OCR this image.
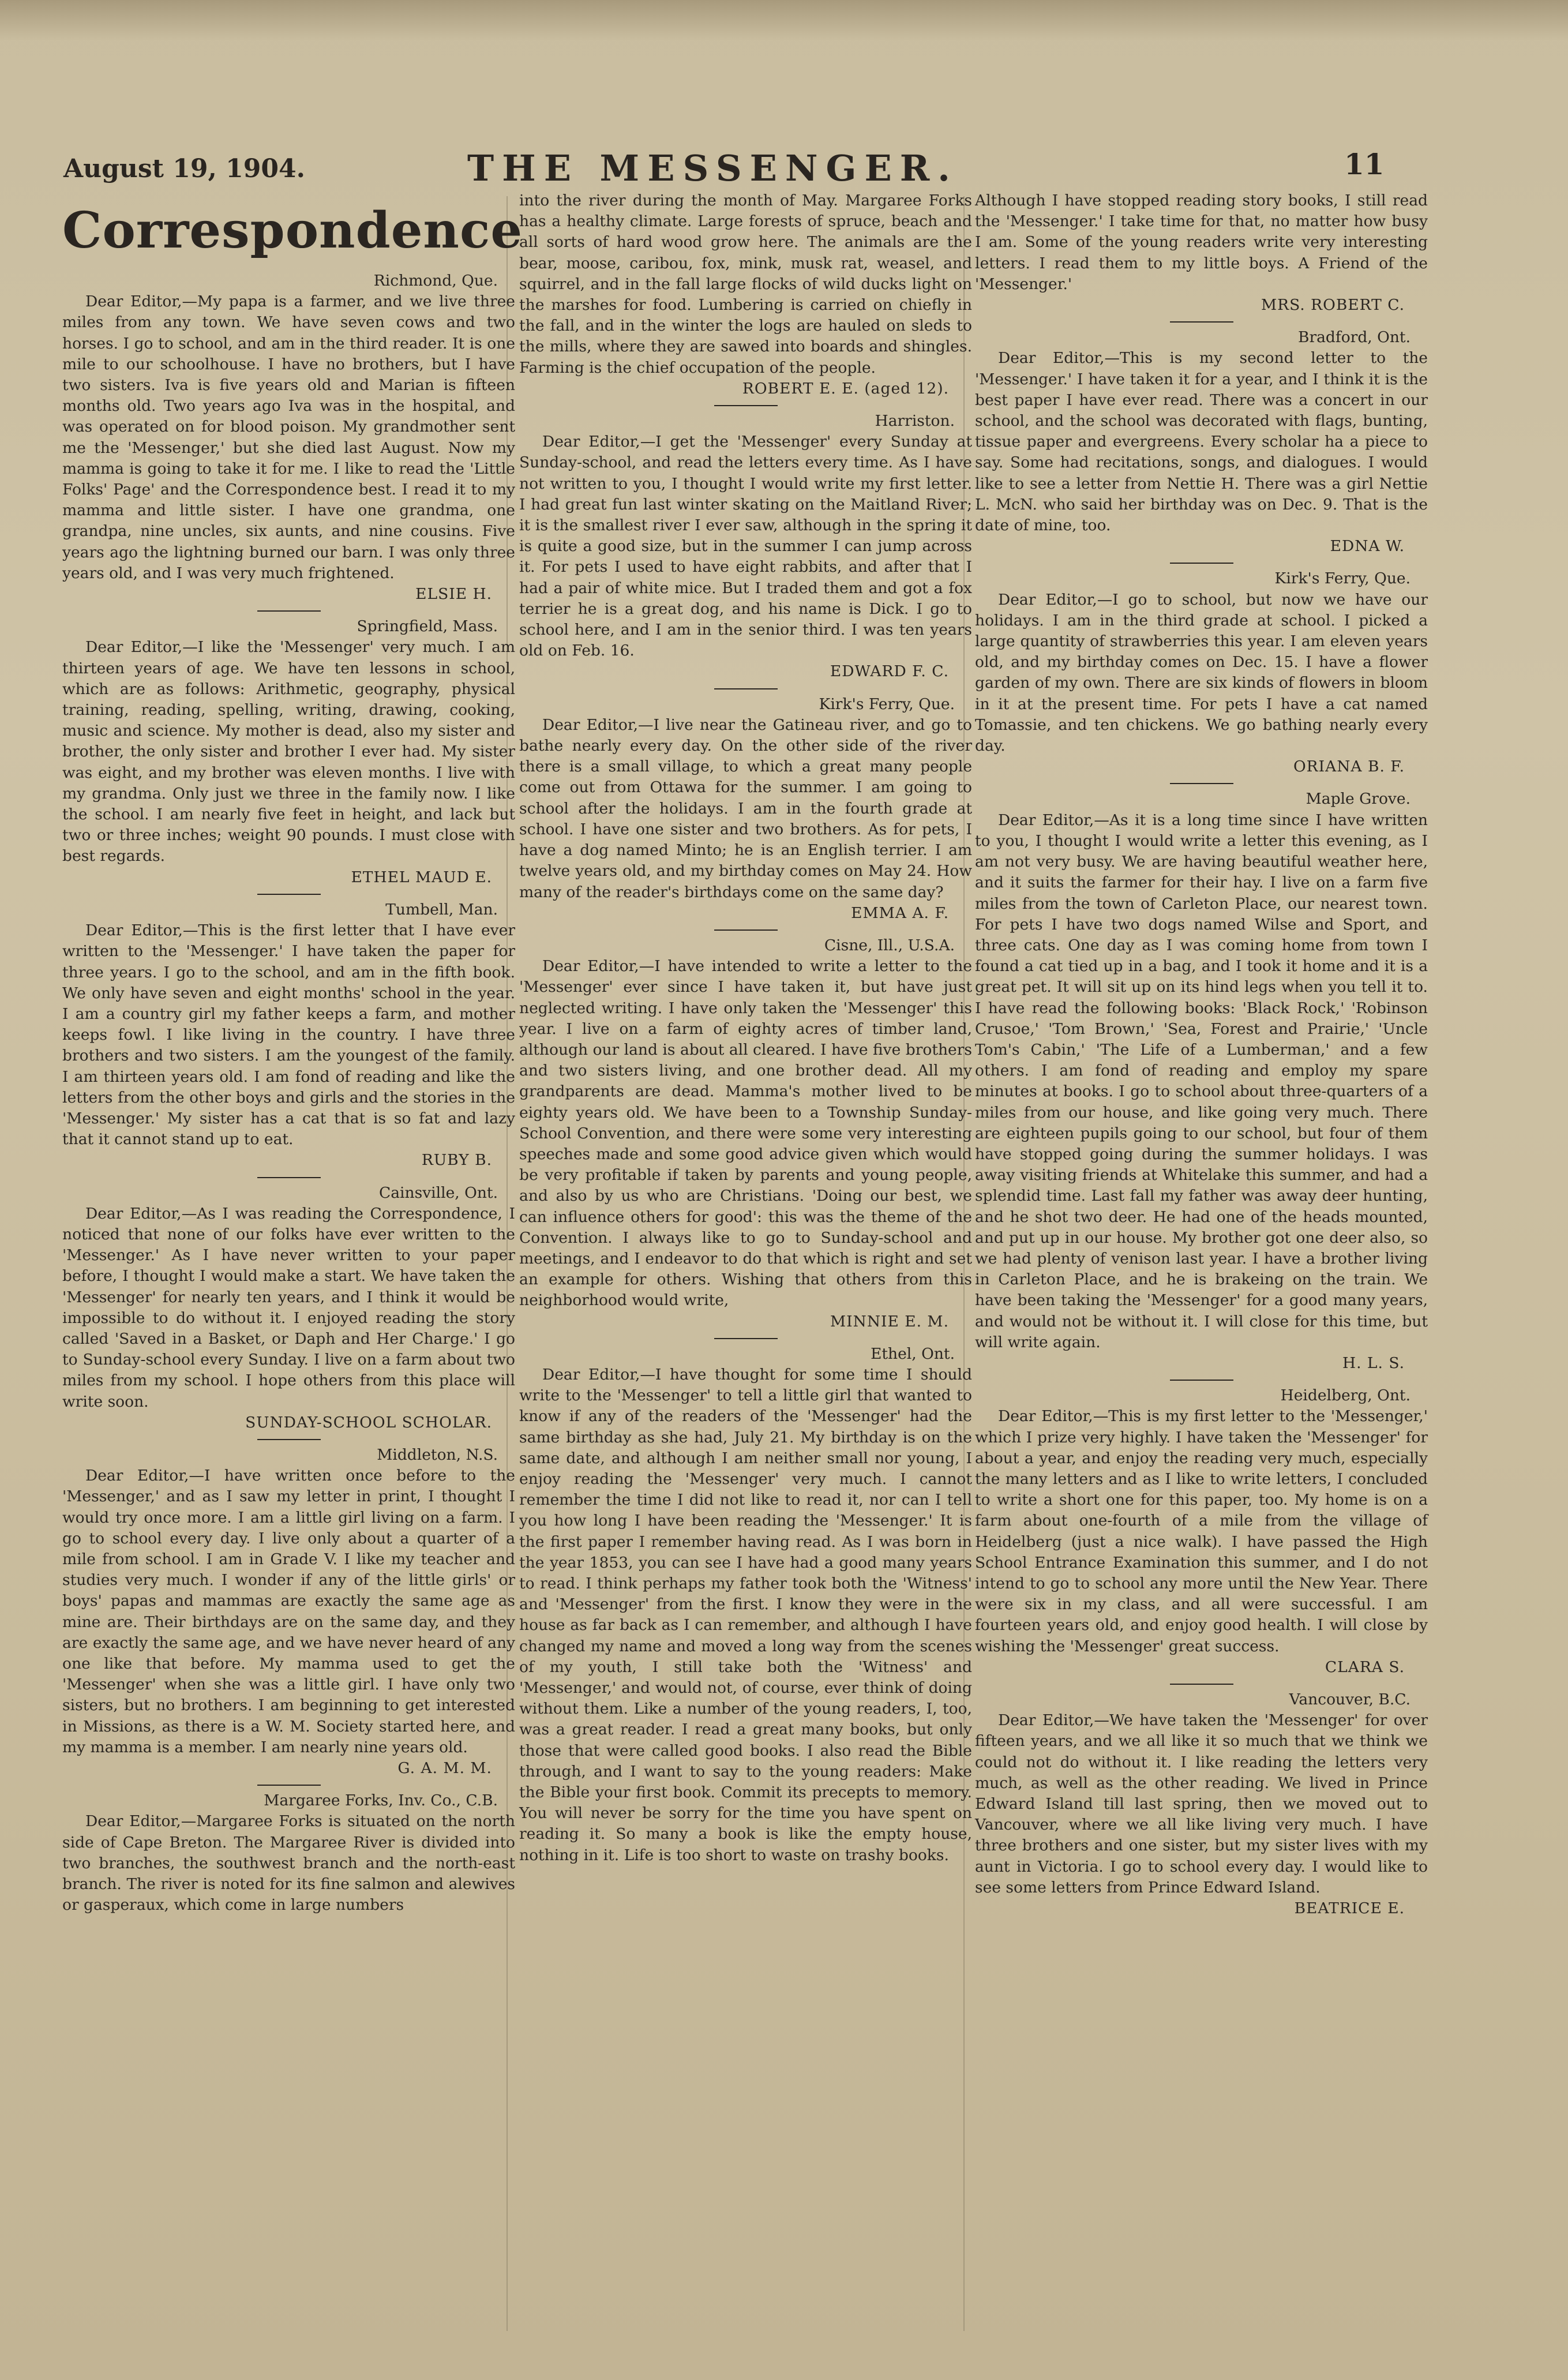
August 19, 1904.	THE MESSENGER.	11
Correspondence
Richmond, Que.

Dear Editor,—My papa is a farmer, and we live three miles from any town. We have seven cows and two horses. I go to school, and am in the third reader. It is one mile to our schoolhouse. I have no brothers, but I have two sisters. Iva is five years old and Marian is fifteen months old. Two years ago Iva was in the hospital, and was operated on for blood poison. My grandmother sent me the 'Messenger,' but she died last August. Now my mamma is going to take it for me. I like to read the 'Little Folks' Page' and the Correspondence best. I read it to my mamma and little sister. I have one grandma, one grandpa, nine uncles, six aunts, and nine cousins. Five years ago the lightning burned our barn. I was only three years old, and I was very much frightened.

ELSIE H.
Springfield, Mass.

Dear Editor,—I like the 'Messenger' very much. I am thirteen years of age. We have ten lessons in school, which are as follows: Arithmetic, geography, physical training, reading, spelling, writing, drawing, cooking, music and science. My mother is dead, also my sister and brother, the only sister and brother I ever had. My sister was eight, and my brother was eleven months. I live with my grandma. Only just we three in the family now. I like the school. I am nearly five feet in height, and lack but two or three inches; weight 90 pounds. I must close with best regards.

ETHEL MAUD E.
Tumbell, Man.

Dear Editor,—This is the first letter that I have ever written to the 'Messenger.' I have taken the paper for three years. I go to the school, and am in the fifth book. We only have seven and eight months' school in the year. I am a country girl my father keeps a farm, and mother keeps fowl. I like living in the country. I have three brothers and two sisters. I am the youngest of the family. I am thirteen years old. I am fond of reading and like the letters from the other boys and girls and the stories in the 'Messenger.' My sister has a cat that is so fat and lazy that it cannot stand up to eat.

RUBY B.
Cainsville, Ont.

Dear Editor,—As I was reading the Correspondence, I noticed that none of our folks have ever written to the 'Messenger.' As I have never written to your paper before, I thought I would make a start. We have taken the 'Messenger' for nearly ten years, and I think it would be impossible to do without it. I enjoyed reading the story called 'Saved in a Basket, or Daph and Her Charge.' I go to Sunday-school every Sunday. I live on a farm about two miles from my school. I hope others from this place will write soon.

SUNDAY-SCHOOL SCHOLAR.
Middleton, N.S.

Dear Editor,—I have written once before to the 'Messenger,' and as I saw my letter in print, I thought I would try once more. I am a little girl living on a farm. I go to school every day. I live only about a quarter of a mile from school. I am in Grade V. I like my teacher and studies very much. I wonder if any of the little girls' or boys' papas and mammas are exactly the same age as mine are. Their birthdays are on the same day, and they are exactly the same age, and we have never heard of any one like that before. My mamma used to get the 'Messenger' when she was a little girl. I have only two sisters, but no brothers. I am beginning to get interested in Missions, as there is a W. M. Society started here, and my mamma is a member. I am nearly nine years old.

G. A. M. M.
Margaree Forks, Inv. Co., C.B.

Dear Editor,—Margaree Forks is situated on the north side of Cape Breton. The Margaree River is divided into two branches, the southwest branch and the north-east branch. The river is noted for its fine salmon and alewives or gasperaux, which come in large numbers

into the river during the month of May. Margaree Forks has a healthy climate. Large forests of spruce, beach and all sorts of hard wood grow here. The animals are the bear, moose, caribou, fox, mink, musk rat, weasel, and squirrel, and in the fall large flocks of wild ducks light on the marshes for food. Lumbering is carried on chiefly in the fall, and in the winter the logs are hauled on sleds to the mills, where they are sawed into boards and shingles. Farming is the chief occupation of the people.

ROBERT E. E. (aged 12).
Harriston.

Dear Editor,—I get the 'Messenger' every Sunday at Sunday-school, and read the letters every time. As I have not written to you, I thought I would write my first letter. I had great fun last winter skating on the Maitland River; it is the smallest river I ever saw, although in the spring it is quite a good size, but in the summer I can jump across it. For pets I used to have eight rabbits, and after that I had a pair of white mice. But I traded them and got a fox terrier he is a great dog, and his name is Dick. I go to school here, and I am in the senior third. I was ten years old on Feb. 16.

EDWARD F. C.
Kirk's Ferry, Que.

Dear Editor,—I live near the Gatineau river, and go to bathe nearly every day. On the other side of the river there is a small village, to which a great many people come out from Ottawa for the summer. I am going to school after the holidays. I am in the fourth grade at school. I have one sister and two brothers. As for pets, I have a dog named Minto; he is an English terrier. I am twelve years old, and my birthday comes on May 24. How many of the reader's birthdays come on the same day?

EMMA A. F.
Cisne, Ill., U.S.A.

Dear Editor,—I have intended to write a letter to the 'Messenger' ever since I have taken it, but have just neglected writing. I have only taken the 'Messenger' this year. I live on a farm of eighty acres of timber land, although our land is about all cleared. I have five brothers and two sisters living, and one brother dead. All my grandparents are dead. Mamma's mother lived to be eighty years old. We have been to a Township Sunday-School Convention, and there were some very interesting speeches made and some good advice given which would be very profitable if taken by parents and young people, and also by us who are Christians. 'Doing our best, we can influence others for good': this was the theme of the Convention. I always like to go to Sunday-school and meetings, and I endeavor to do that which is right and set an example for others. Wishing that others from this neighborhood would write,

MINNIE E. M.
Ethel, Ont.

Dear Editor,—I have thought for some time I should write to the 'Messenger' to tell a little girl that wanted to know if any of the readers of the 'Messenger' had the same birthday as she had, July 21. My birthday is on the same date, and although I am neither small nor young, I enjoy reading the 'Messenger' very much. I cannot remember the time I did not like to read it, nor can I tell you how long I have been reading the 'Messenger.' It is the first paper I remember having read. As I was born in the year 1853, you can see I have had a good many years to read. I think perhaps my father took both the 'Witness' and 'Messenger' from the first. I know they were in the house as far back as I can remember, and although I have changed my name and moved a long way from the scenes of my youth, I still take both the 'Witness' and 'Messenger,' and would not, of course, ever think of doing without them. Like a number of the young readers, I, too, was a great reader. I read a great many books, but only those that were called good books. I also read the Bible through, and I want to say to the young readers: Make the Bible your first book. Commit its precepts to memory. You will never be sorry for the time you have spent on reading it. So many a book is like the empty house, nothing in it. Life is too short to waste on trashy books.

Although I have stopped reading story books, I still read the 'Messenger.' I take time for that, no matter how busy I am. Some of the young readers write very interesting letters. I read them to my little boys. A Friend of the 'Messenger.'

MRS. ROBERT C.
Bradford, Ont.

Dear Editor,—This is my second letter to the 'Messenger.' I have taken it for a year, and I think it is the best paper I have ever read. There was a concert in our school, and the school was decorated with flags, bunting, tissue paper and evergreens. Every scholar ha a piece to say. Some had recitations, songs, and dialogues. I would like to see a letter from Nettie H. There was a girl Nettie L. McN. who said her birthday was on Dec. 9. That is the date of mine, too.

EDNA W.
Kirk's Ferry, Que.

Dear Editor,—I go to school, but now we have our holidays. I am in the third grade at school. I picked a large quantity of strawberries this year. I am eleven years old, and my birthday comes on Dec. 15. I have a flower garden of my own. There are six kinds of flowers in bloom in it at the present time. For pets I have a cat named Tomassie, and ten chickens. We go bathing nearly every day.

ORIANA B. F.
Maple Grove.

Dear Editor,—As it is a long time since I have written to you, I thought I would write a letter this evening, as I am not very busy. We are having beautiful weather here, and it suits the farmer for their hay. I live on a farm five miles from the town of Carleton Place, our nearest town. For pets I have two dogs named Wilse and Sport, and three cats. One day as I was coming home from town I found a cat tied up in a bag, and I took it home and it is a great pet. It will sit up on its hind legs when you tell it to. I have read the following books: 'Black Rock,' 'Robinson Crusoe,' 'Tom Brown,' 'Sea, Forest and Prairie,' 'Uncle Tom's Cabin,' 'The Life of a Lumberman,' and a few others. I am fond of reading and employ my spare minutes at books. I go to school about three-quarters of a miles from our house, and like going very much. There are eighteen pupils going to our school, but four of them have stopped going during the summer holidays. I was away visiting friends at Whitelake this summer, and had a splendid time. Last fall my father was away deer hunting, and he shot two deer. He had one of the heads mounted, and put up in our house. My brother got one deer also, so we had plenty of venison last year. I have a brother living in Carleton Place, and he is brakeing on the train. We have been taking the 'Messenger' for a good many years, and would not be without it. I will close for this time, but will write again.

H. L. S.
Heidelberg, Ont.

Dear Editor,—This is my first letter to the 'Messenger,' which I prize very highly. I have taken the 'Messenger' for about a year, and enjoy the reading very much, especially the many letters and as I like to write letters, I concluded to write a short one for this paper, too. My home is on a farm about one-fourth of a mile from the village of Heidelberg (just a nice walk). I have passed the High School Entrance Examination this summer, and I do not intend to go to school any more until the New Year. There were six in my class, and all were successful. I am fourteen years old, and enjoy good health. I will close by wishing the 'Messenger' great success.

CLARA S.
Vancouver, B.C.

Dear Editor,—We have taken the 'Messenger' for over fifteen years, and we all like it so much that we think we could not do without it. I like reading the letters very much, as well as the other reading. We lived in Prince Edward Island till last spring, then we moved out to Vancouver, where we all like living very much. I have three brothers and one sister, but my sister lives with my aunt in Victoria. I go to school every day. I would like to see some letters from Prince Edward Island.

BEATRICE E.
